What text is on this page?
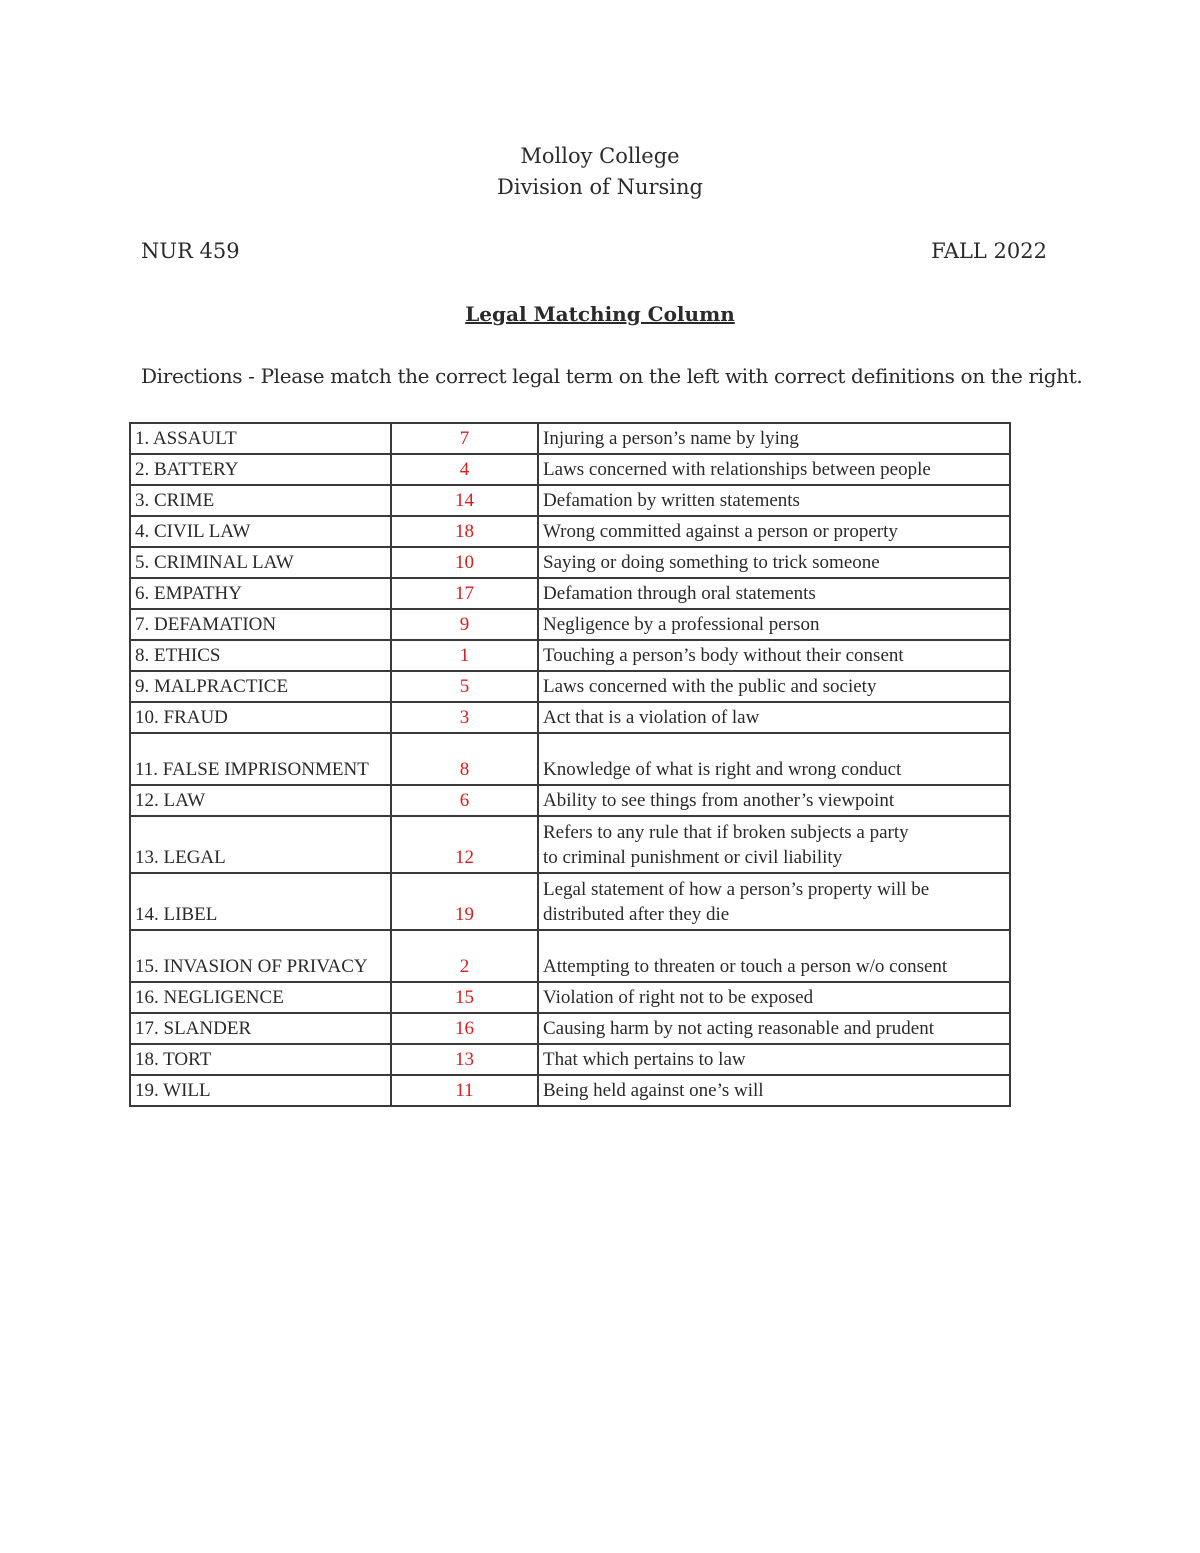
Molloy College
Division of Nursing
NUR 459	FALL 2022
Legal Matching Column
Directions - Please match the correct legal term on the left with correct definitions on the right.
1. ASSAULT	7	Injuring a person’s name by lying

2. BATTERY	4	Laws concerned with relationships between people

3. CRIME	14	Defamation by written statements

4. CIVIL LAW	18	Wrong committed against a person or property

5. CRIMINAL LAW	10	Saying or doing something to trick someone

6. EMPATHY	17	Defamation through oral statements

7. DEFAMATION	9	Negligence by a professional person

8. ETHICS	1	Touching a person’s body without their consent

9. MALPRACTICE	5	Laws concerned with the public and society

10. FRAUD	3	Act that is a violation of law

11. FALSE IMPRISONMENT	8	Knowledge of what is right and wrong conduct

12. LAW	6	Ability to see things from another’s viewpoint

13. LEGAL	12	Refers to any rule that if broken subjects a party
to criminal punishment or civil liability

14. LIBEL	19	Legal statement of how a person’s property will be
distributed after they die

15. INVASION OF PRIVACY	2	Attempting to threaten or touch a person w/o consent

16. NEGLIGENCE	15	Violation of right not to be exposed

17. SLANDER	16	Causing harm by not acting reasonable and prudent

18. TORT	13	That which pertains to law

19. WILL	11	Being held against one’s will
